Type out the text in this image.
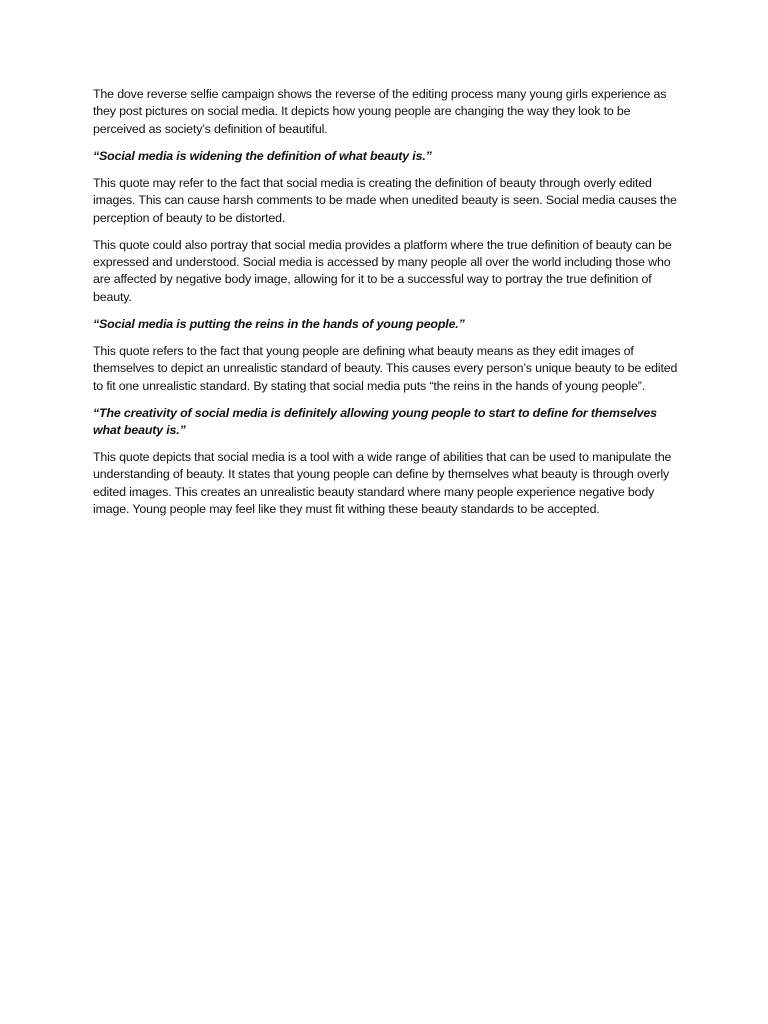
The dove reverse selfie campaign shows the reverse of the editing process many young girls experience as they post pictures on social media. It depicts how young people are changing the way they look to be perceived as society’s definition of beautiful.

“Social media is widening the definition of what beauty is.”

This quote may refer to the fact that social media is creating the definition of beauty through overly edited images. This can cause harsh comments to be made when unedited beauty is seen. Social media causes the perception of beauty to be distorted.

This quote could also portray that social media provides a platform where the true definition of beauty can be expressed and understood. Social media is accessed by many people all over the world including those who are affected by negative body image, allowing for it to be a successful way to portray the true definition of beauty.

“Social media is putting the reins in the hands of young people.”

This quote refers to the fact that young people are defining what beauty means as they edit images of themselves to depict an unrealistic standard of beauty. This causes every person’s unique beauty to be edited to fit one unrealistic standard. By stating that social media puts “the reins in the hands of young people”.

“The creativity of social media is definitely allowing young people to start to define for themselves what beauty is.”

This quote depicts that social media is a tool with a wide range of abilities that can be used to manipulate the understanding of beauty. It states that young people can define by themselves what beauty is through overly edited images. This creates an unrealistic beauty standard where many people experience negative body image. Young people may feel like they must fit withing these beauty standards to be accepted.
